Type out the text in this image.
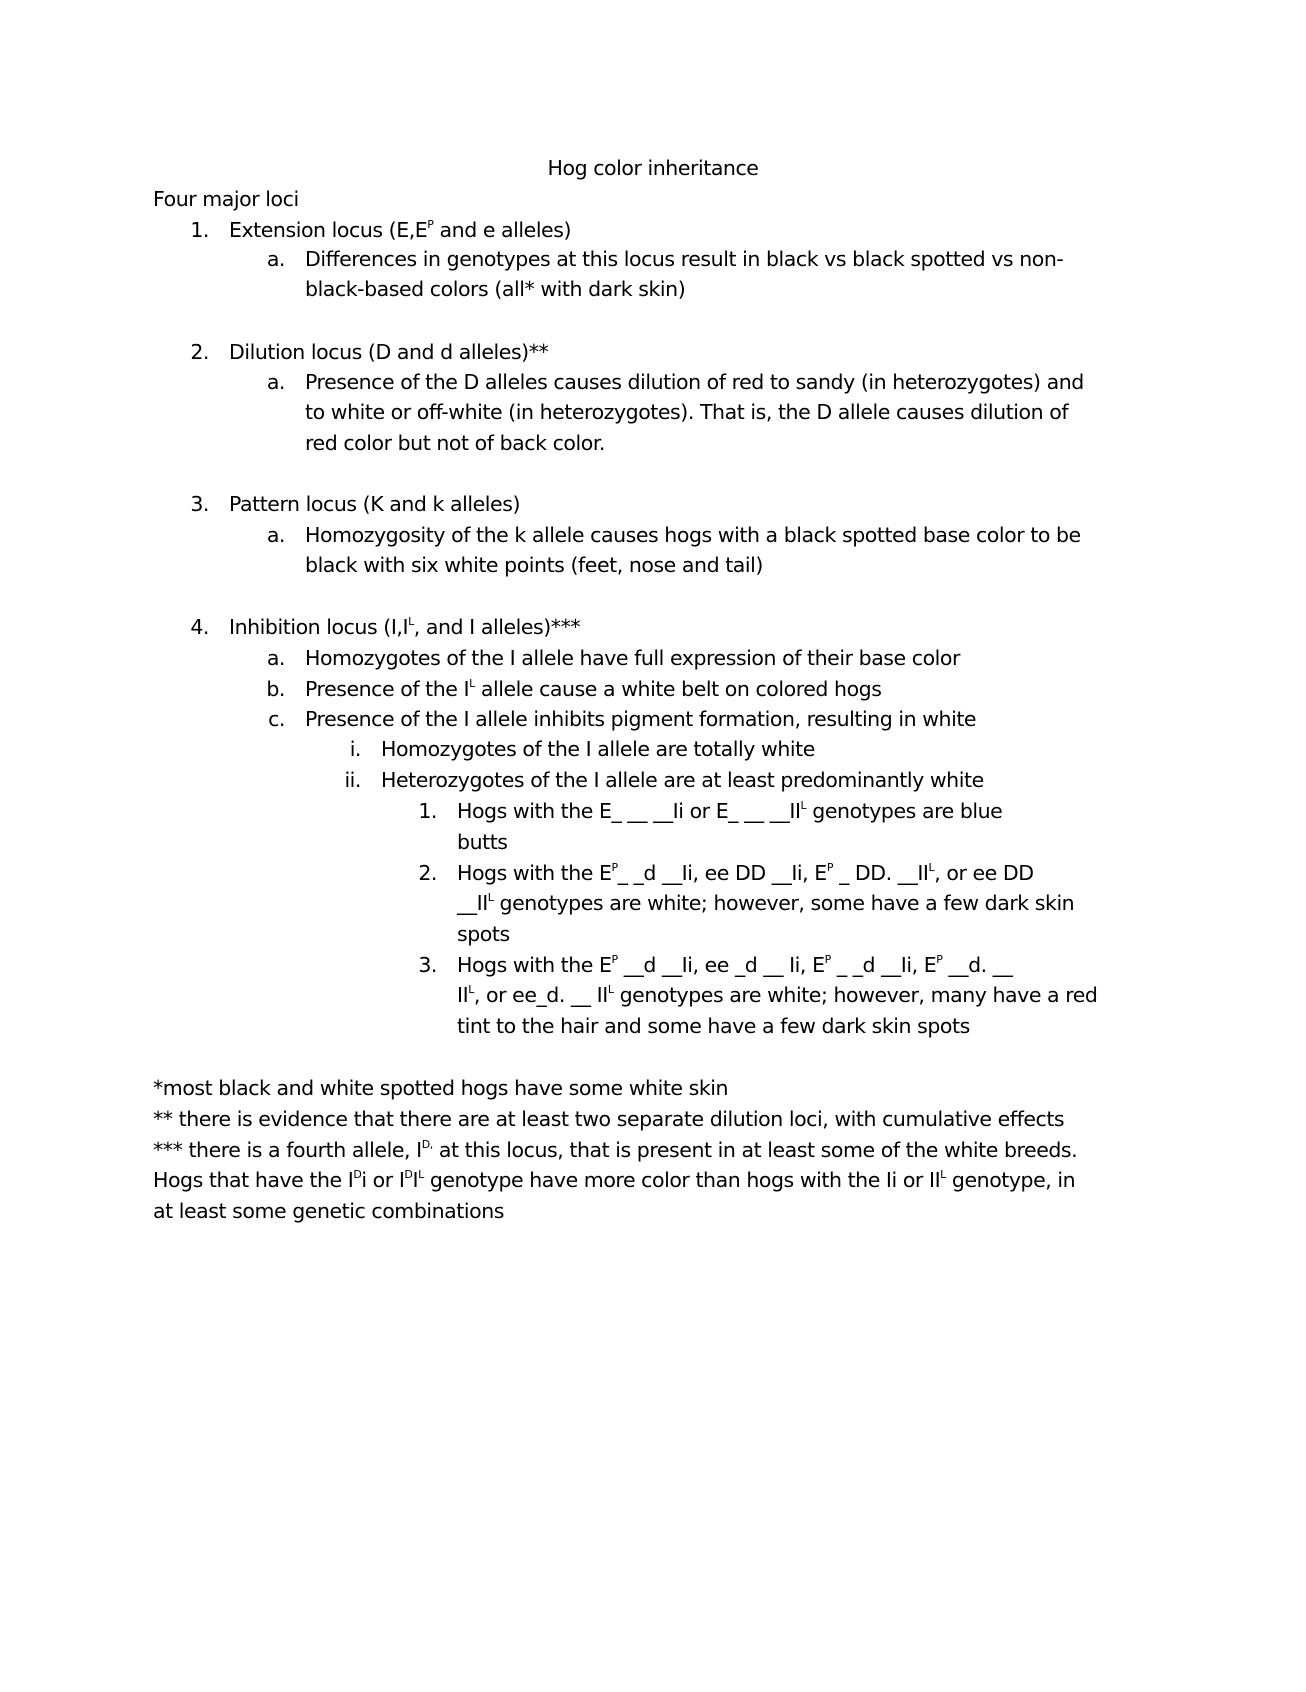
Hog color inheritance
Four major loci
1. Extension locus ($E,E^P$ and e alleles)
a. Differences in genotypes at this locus result in black vs black spotted vs non-
black-based colors (all* with dark skin)
2. Dilution locus (D and d alleles)**
a. Presence of the D alleles causes dilution of red to sandy (in heterozygotes) and
to white or off-white (in heterozygotes). That is, the D allele causes dilution of
red color but not of back color.
3. Pattern locus (K and k alleles)
a. Homozygosity of the k allele causes hogs with a black spotted base color to be
black with six white points (feet, nose and tail)
4. Inhibition locus ($I,I^L$, and I alleles)***
a. Homozygotes of the I allele have full expression of their base color
b. Presence of the $I^L$ allele cause a white belt on colored hogs
c. Presence of the I allele inhibits pigment formation, resulting in white
i. Homozygotes of the I allele are totally white
ii. Heterozygotes of the I allele are at least predominantly white
1. Hogs with the E_ __ __Ii or E_ __ $\_\_II^L$ genotypes are blue
butts
2. Hogs with the $E^P\_$ _d __Ii, ee DD __Ii, $E^P$ _ DD. $\_\_II^L$, or ee DD
$\_\_II^L$ genotypes are white; however, some have a few dark skin
spots
3. Hogs with the $E^P$ __d __Ii, ee _d __ Ii, $E^P$ _ _d __Ii, $E^P$ __d. __
$II^L$, or ee_d. __ $II^L$ genotypes are white; however, many have a red
tint to the hair and some have a few dark skin spots
*most black and white spotted hogs have some white skin
** there is evidence that there are at least two separate dilution loci, with cumulative effects
*** there is a fourth allele, $I^{D,}$ at this locus, that is present in at least some of the white breeds.
Hogs that have the $I^Di$ or $I^DI^L$ genotype have more color than hogs with the Ii or $II^L$ genotype, in
at least some genetic combinations
